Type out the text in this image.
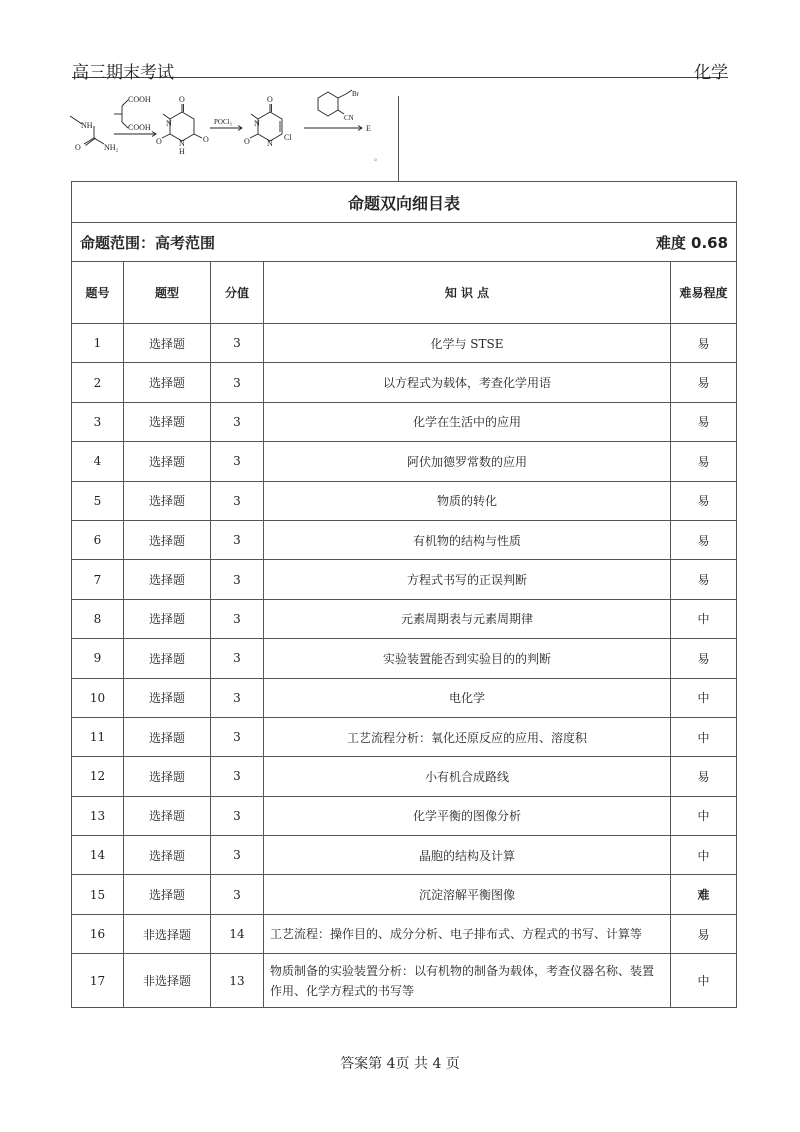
高三期末考试	化学
NH
O	NH₂
COOH
COOH
O
N
O N
H
O
POCl₃
O
N
O N
Cl
Br
CN
E
。
命题双向细目表				
命题范围：高考范围			难度 0.68	
题号	题型	分值	知 识 点	难易程度
1	选择题	3	化学与 STSE	易
2	选择题	3	以方程式为载体，考查化学用语	易
3	选择题	3	化学在生活中的应用	易
4	选择题	3	阿伏加德罗常数的应用	易
5	选择题	3	物质的转化	易
6	选择题	3	有机物的结构与性质	易
7	选择题	3	方程式书写的正误判断	易
8	选择题	3	元素周期表与元素周期律	中
9	选择题	3	实验装置能否到实验目的的判断	易
10	选择题	3	电化学	中
11	选择题	3	工艺流程分析：氧化还原反应的应用、溶度积	中
12	选择题	3	小有机合成路线	易
13	选择题	3	化学平衡的图像分析	中
14	选择题	3	晶胞的结构及计算	中
15	选择题	3	沉淀溶解平衡图像	难
16	非选择题	14	工艺流程：操作目的、成分分析、电子排布式、方程式的书写、计算等	易
17	非选择题	13	物质制备的实验装置分析：以有机物的制备为载体，考查仪器名称、装置作用、化学方程式的书写等	中
答案第 4页 共 4 页
